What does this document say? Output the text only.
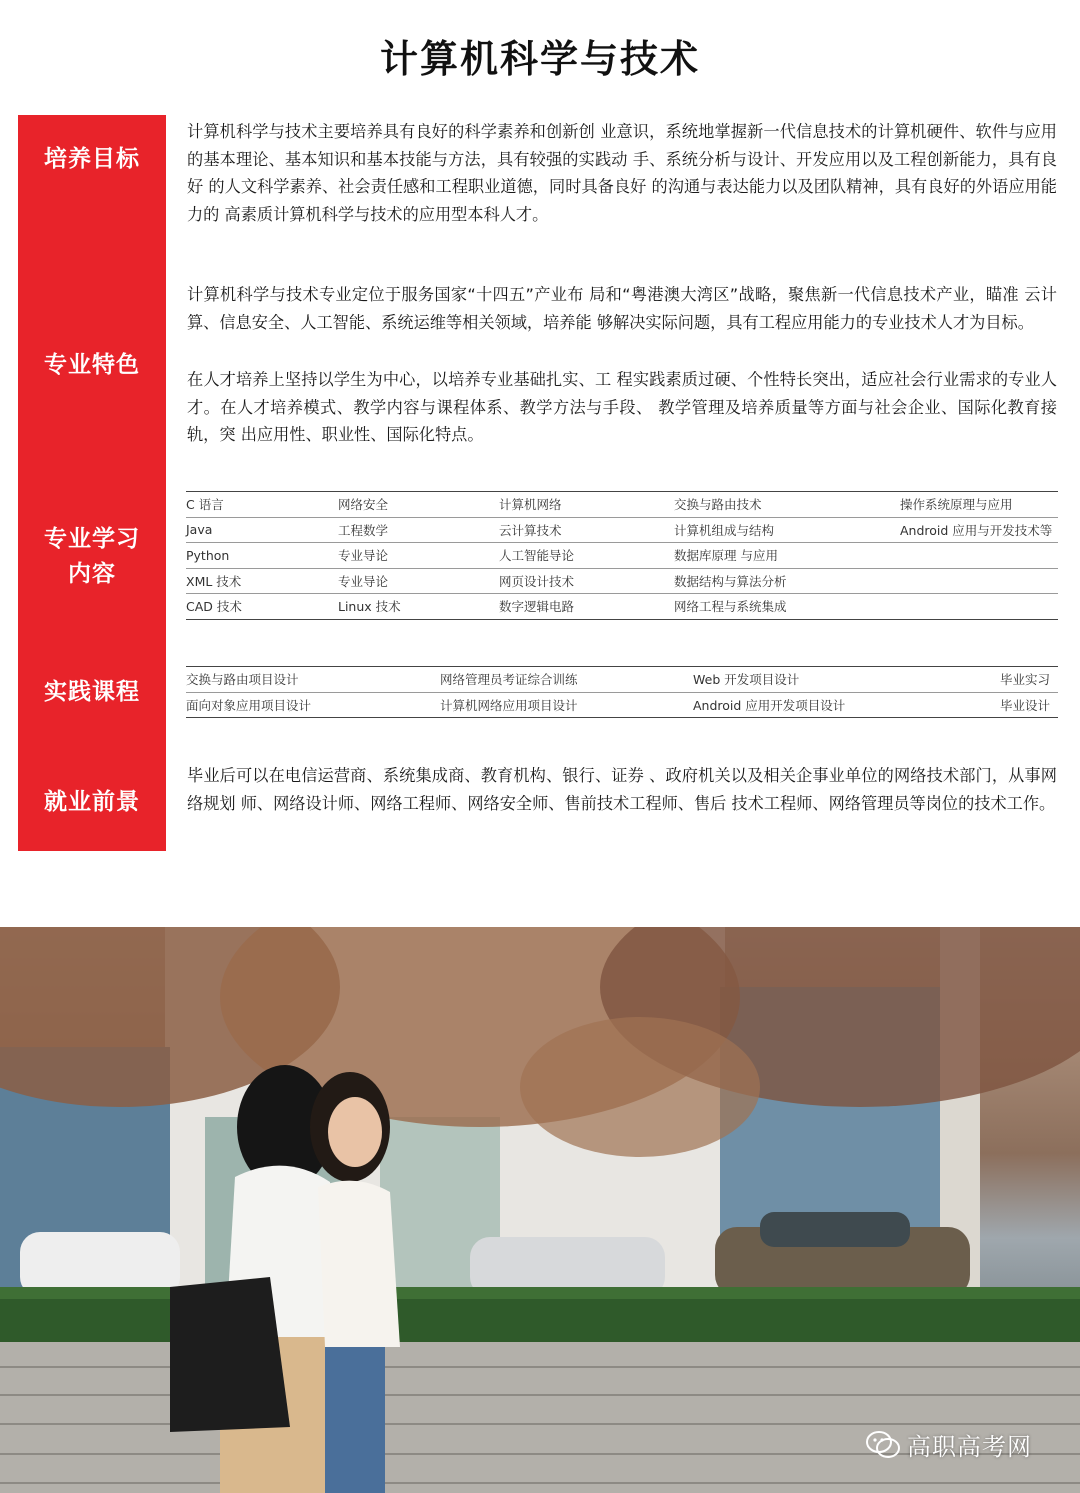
计算机科学与技术
培养目标
专业特色
专业学习
内容
实践课程
就业前景
计算机科学与技术主要培养具有良好的科学素养和创新创 业意识，系统地掌握新一代信息技术的计算机硬件、软件与应用 的基本理论、基本知识和基本技能与方法，具有较强的实践动 手、系统分析与设计、开发应用以及工程创新能力，具有良好 的人文科学素养、社会责任感和工程职业道德，同时具备良好 的沟通与表达能力以及团队精神，具有良好的外语应用能力的 高素质计算机科学与技术的应用型本科人才。
计算机科学与技术专业定位于服务国家“十四五”产业布 局和“粤港澳大湾区”战略，聚焦新一代信息技术产业，瞄准 云计算、信息安全、人工智能、系统运维等相关领域，培养能 够解决实际问题，具有工程应用能力的专业技术人才为目标。
在人才培养上坚持以学生为中心，以培养专业基础扎实、工 程实践素质过硬、个性特长突出，适应社会行业需求的专业人 才。在人才培养模式、教学内容与课程体系、教学方法与手段、 教学管理及培养质量等方面与社会企业、国际化教育接轨，突 出应用性、职业性、国际化特点。
C 语言	网络安全	计算机网络	交换与路由技术	操作系统原理与应用
Java	工程数学	云计算技术	计算机组成与结构	Android 应用与开发技术等
Python	专业导论	人工智能导论	数据库原理 与应用	
XML 技术	专业导论	网页设计技术	数据结构与算法分析	
CAD 技术	Linux 技术	数字逻辑电路	网络工程与系统集成	
交换与路由项目设计	网络管理员考证综合训练	Web 开发项目设计	毕业实习
面向对象应用项目设计	计算机网络应用项目设计	Android 应用开发项目设计	毕业设计
毕业后可以在电信运营商、系统集成商、教育机构、银行、证券 、政府机关以及相关企事业单位的网络技术部门，从事网络规划 师、网络设计师、网络工程师、网络安全师、售前技术工程师、售后 技术工程师、网络管理员等岗位的技术工作。
高职高考网
